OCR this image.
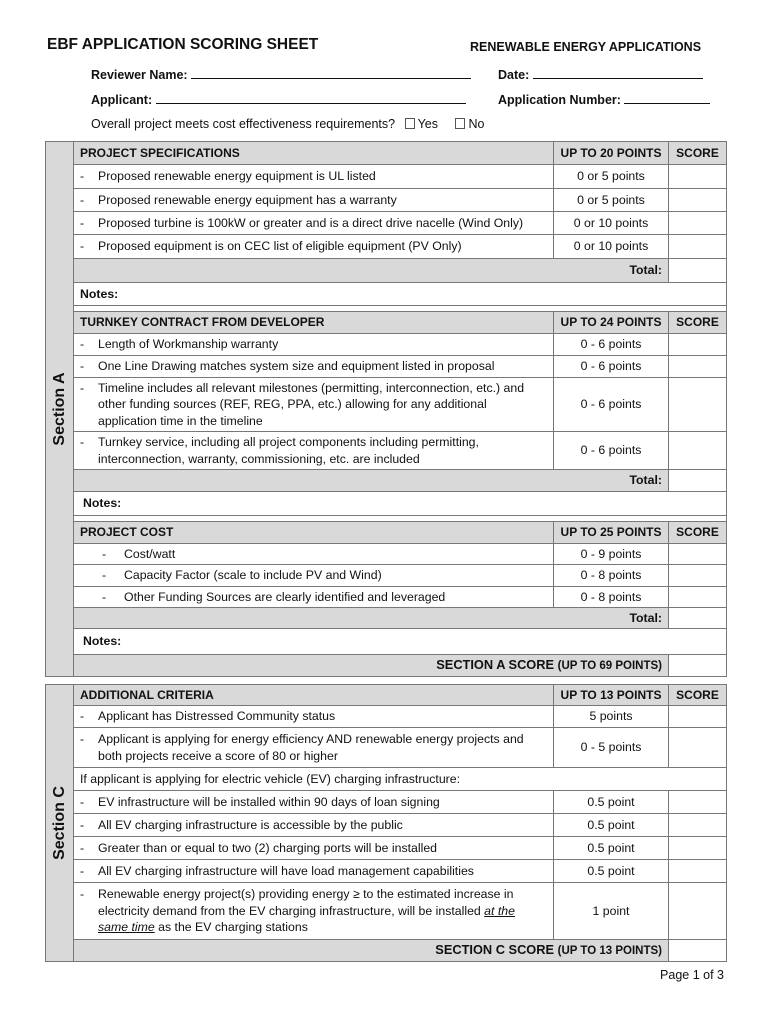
EBF APPLICATION SCORING SHEET	RENEWABLE ENERGY APPLICATIONS
Reviewer Name:	Date:
Applicant:	Application Number:
Overall project meets cost effectiveness requirements? Yes No
Section A	PROJECT SPECIFICATIONS	UP TO 20 POINTS	SCORE
	- Proposed renewable energy equipment is UL listed	0 or 5 points	
	- Proposed renewable energy equipment has a warranty	0 or 5 points	
	- Proposed turbine is 100kW or greater and is a direct drive nacelle (Wind Only)	0 or 10 points	
	- Proposed equipment is on CEC list of eligible equipment (PV Only)	0 or 10 points	
	Total:		
	Notes:		

	TURNKEY CONTRACT FROM DEVELOPER	UP TO 24 POINTS	SCORE
	- Length of Workmanship warranty	0 - 6 points	
	- One Line Drawing matches system size and equipment listed in proposal	0 - 6 points	

	- Timeline includes all relevant milestones (permitting, interconnection, etc.) and other funding sources (REF, REG, PPA, etc.) allowing for any additional application time in the timeline	0 - 6 points	

	- Turnkey service, including all project components including permitting, interconnection, warranty, commissioning, etc. are included	0 - 6 points	
	Total:		
	Notes:		

	PROJECT COST	UP TO 25 POINTS	SCORE
	- Cost/watt	0 - 9 points	
	- Capacity Factor (scale to include PV and Wind)	0 - 8 points	
	- Other Funding Sources are clearly identified and leveraged	0 - 8 points	
	Total:		
	Notes:		
	SECTION A SCORE (UP TO 69 POINTS)		
Section C	ADDITIONAL CRITERIA	UP TO 13 POINTS	SCORE
	- Applicant has Distressed Community status	5 points	

	- Applicant is applying for energy efficiency AND renewable energy projects and both projects receive a score of 80 or higher	0 - 5 points	
	If applicant is applying for electric vehicle (EV) charging infrastructure:		
	- EV infrastructure will be installed within 90 days of loan signing	0.5 point	
	- All EV charging infrastructure is accessible by the public	0.5 point	
	- Greater than or equal to two (2) charging ports will be installed	0.5 point	
	- All EV charging infrastructure will have load management capabilities	0.5 point	

	- Renewable energy project(s) providing energy ≥ to the estimated increase in electricity demand from the EV charging infrastructure, will be installed at the same time as the EV charging stations	1 point	
	SECTION C SCORE (UP TO 13 POINTS)		
Page 1 of 3
